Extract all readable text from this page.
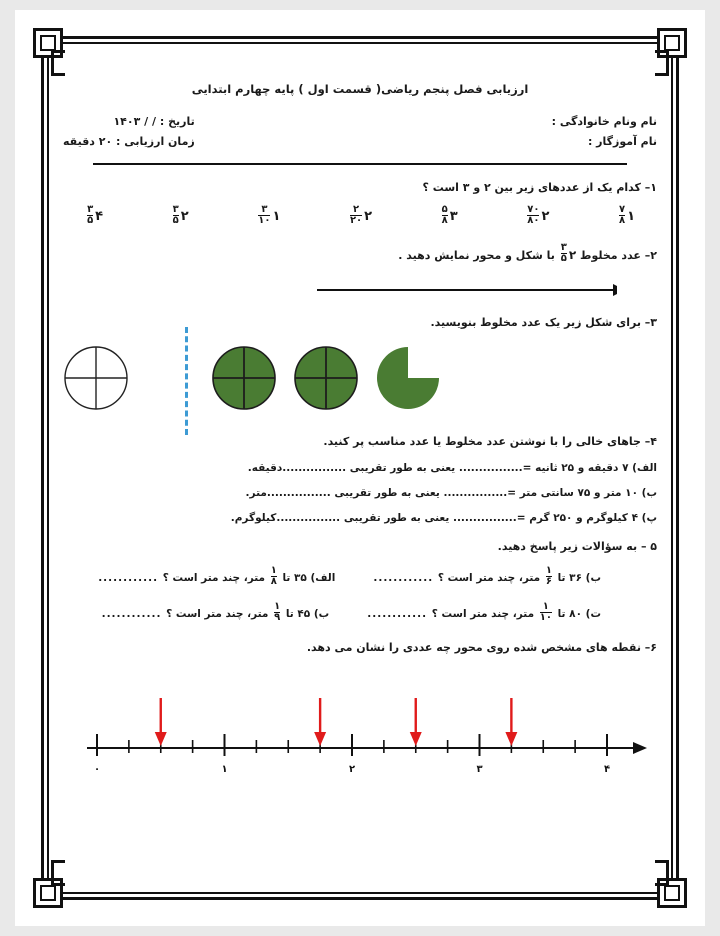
ارزیابی فصل پنجم ریاضی( قسمت اول ) پایه چهارم ابتدایی
نام ونام خانوادگی :
نام آموزگار :
تاریخ : / / ۱۴۰۳
زمان ارزیابی : ۲۰ دقیقه
۱– کدام یک از عددهای زیر بین ۲ و ۳ است ؟
۱
$\frac{۷}{۸}$
۲
$\frac{۷۰}{۸۰}$
۳
$\frac{۵}{۸}$
۲
$\frac{۲}{۲۰}$
۱
$\frac{۳}{۱۰}$
۲
$\frac{۳}{۵}$
۴
$\frac{۳}{۵}$
۲– عدد مخلوط
۲
$\frac{۳}{۵}$
با شکل و محور نمایش دهید .
۳– برای شکل زیر یک عدد مخلوط بنویسید.
۴– جاهای خالی را با نوشتن عدد مخلوط یا عدد مناسب پر کنید.
الف) ۷ دقیقه و ۲۵ ثانیه =................ یعنی به طور تقریبی ................دقیقه.
ب) ۱۰ متر و ۷۵ سانتی متر =................ یعنی به طور تقریبی ................متر.
پ) ۴ کیلوگرم و ۲۵۰ گرم =................ یعنی به طور تقریبی ................کیلوگرم.
۵ – به سؤالات زیر پاسخ دهید.
ب) ۳۶ تا
$\frac{۱}{۶}$
متر، چند متر است ؟
............
الف) ۳۵ تا
$\frac{۱}{۸}$
متر، چند متر است ؟
............
ت) ۸۰ تا
$\frac{۱}{۱۰}$
متر، چند متر است ؟
............
ب) ۴۵ تا
$\frac{۱}{۹}$
متر، چند متر است ؟
............
۶– نقطه های مشخص شده روی محور چه عددی را نشان می دهد.
۰	۱	۲	۳	۴
